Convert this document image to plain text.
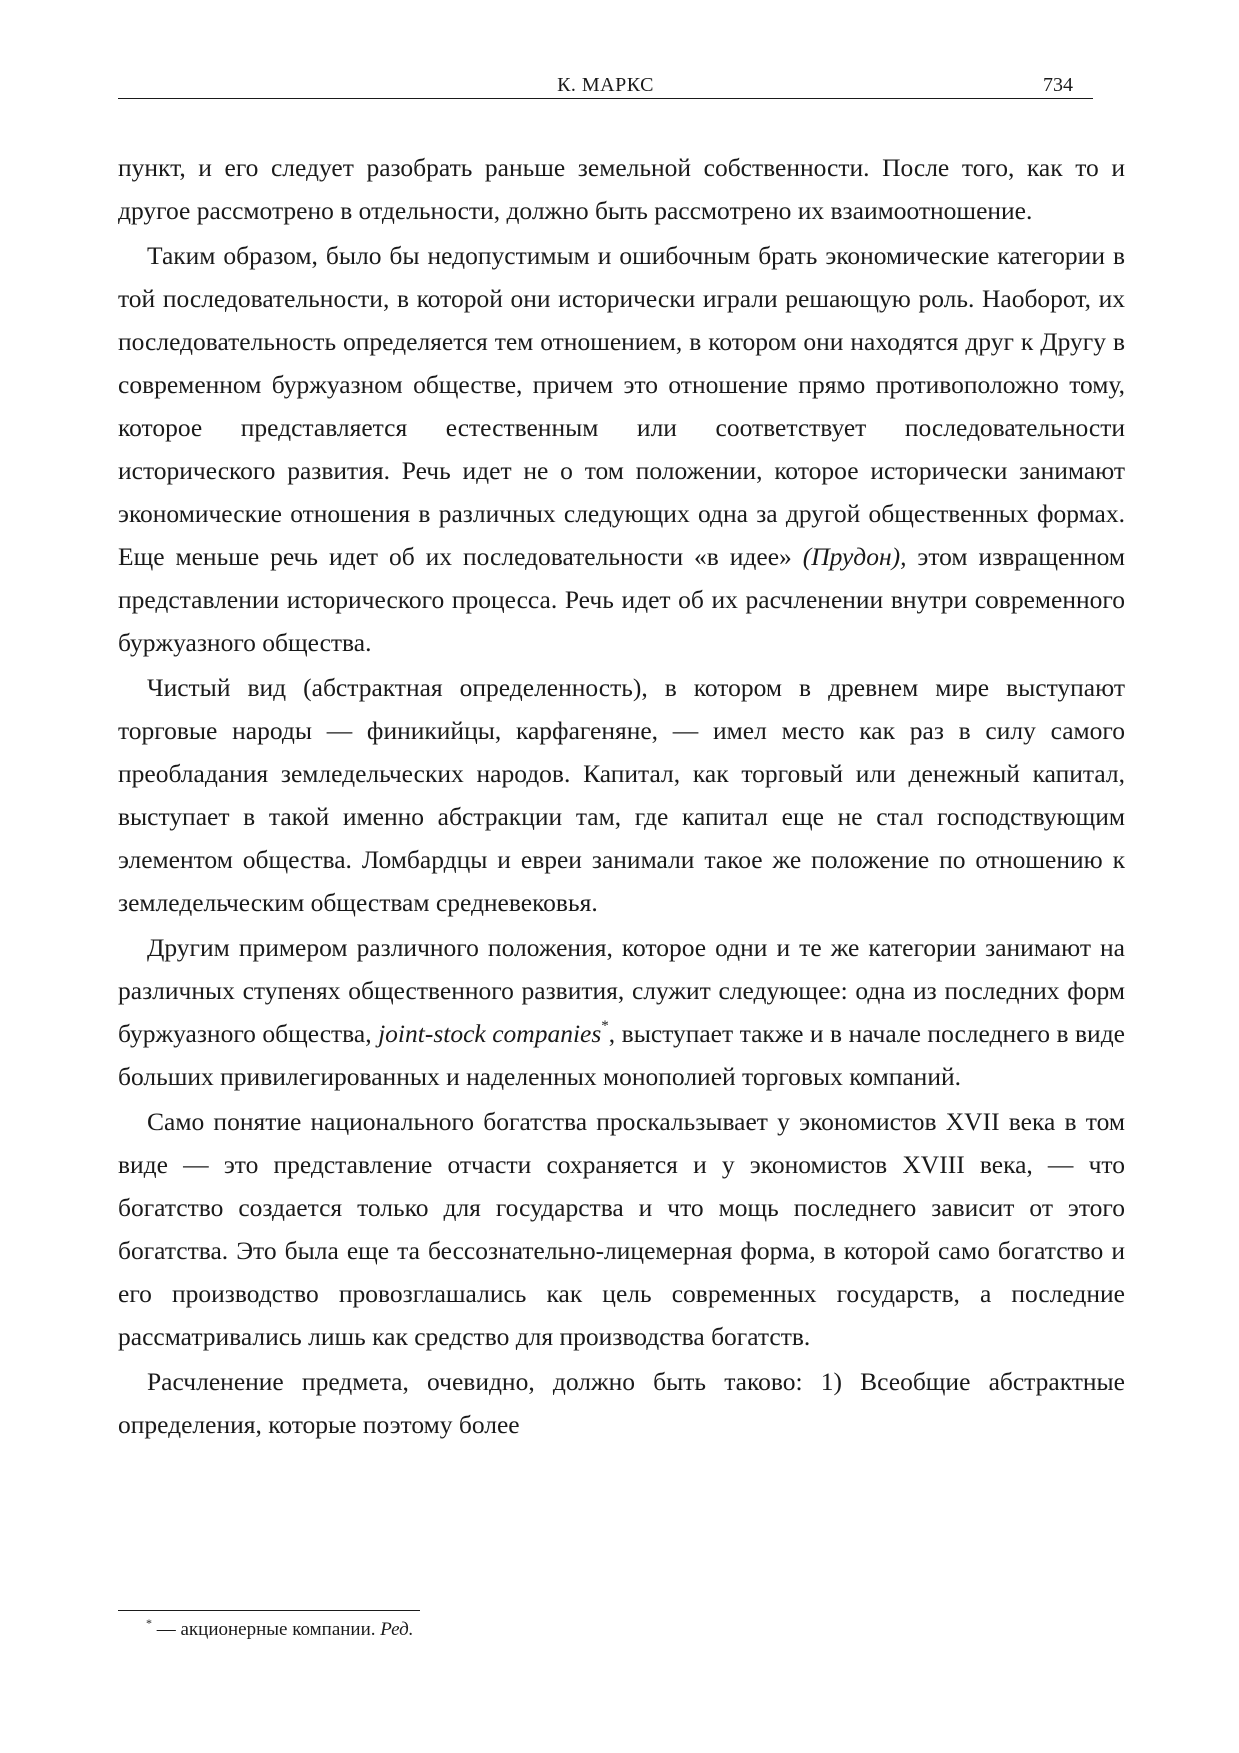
К. МАРКС	734

пункт, и его следует разобрать раньше земельной собственности. После того, как то и другое рассмотрено в отдельности, должно быть рассмотрено их взаимоотношение.

Таким образом, было бы недопустимым и ошибочным брать экономические категории в той последовательности, в которой они исторически играли решающую роль. Наоборот, их последовательность определяется тем отношением, в котором они находятся друг к Другу в современном буржуазном обществе, причем это отношение прямо противоположно тому, которое представляется естественным или соответствует последовательности исторического развития. Речь идет не о том положении, которое исторически занимают экономические отношения в различных следующих одна за другой общественных формах. Еще меньше речь идет об их последовательности «в идее» (Прудон), этом извращенном представлении исторического процесса. Речь идет об их расчленении внутри современного буржуазного общества.

Чистый вид (абстрактная определенность), в котором в древнем мире выступают торговые народы — финикийцы, карфагеняне, — имел место как раз в силу самого преобладания земледельческих народов. Капитал, как торговый или денежный капитал, выступает в такой именно абстракции там, где капитал еще не стал господствующим элементом общества. Ломбардцы и евреи занимали такое же положение по отношению к земледельческим обществам средневековья.

Другим примером различного положения, которое одни и те же категории занимают на различных ступенях общественного развития, служит следующее: одна из последних форм буржуазного общества, joint-stock companies*, выступает также и в начале последнего в виде больших привилегированных и наделенных монополией торговых компаний.

Само понятие национального богатства проскальзывает у экономистов XVII века в том виде — это представление отчасти сохраняется и у экономистов XVIII века, — что богатство создается только для государства и что мощь последнего зависит от этого богатства. Это была еще та бессознательно-лицемерная форма, в которой само богатство и его производство провозглашались как цель современных государств, а последние рассматривались лишь как средство для производства богатств.

Расчленение предмета, очевидно, должно быть таково: 1) Всеобщие абстрактные определения, которые поэтому более

* — акционерные компании. Ред.
